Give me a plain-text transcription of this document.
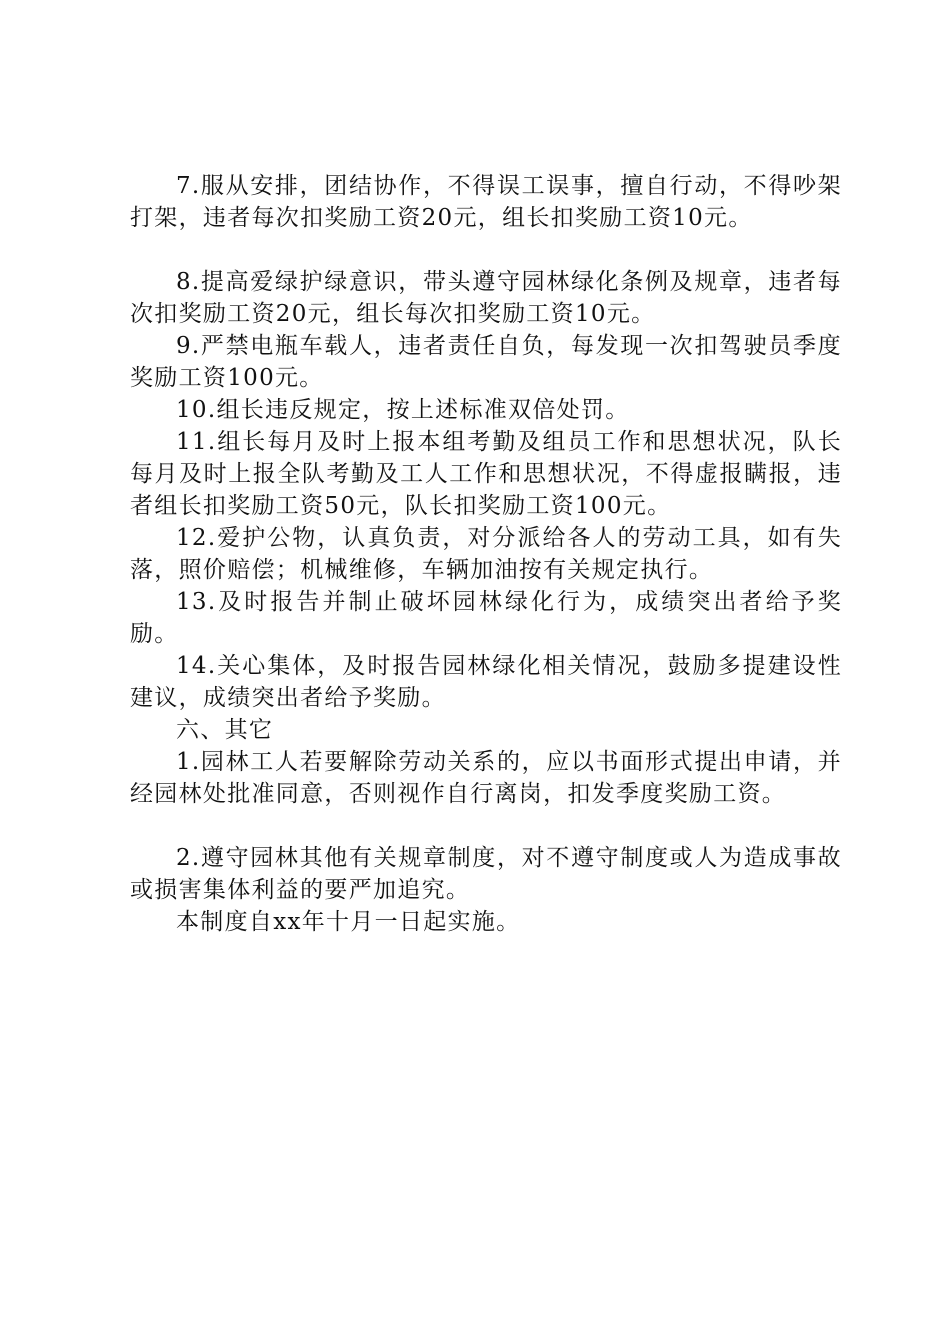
7.服从安排，团结协作，不得误工误事，擅自行动，不得吵架打架，违者每次扣奖励工资20元，组长扣奖励工资10元。

8.提高爱绿护绿意识，带头遵守园林绿化条例及规章，违者每次扣奖励工资20元，组长每次扣奖励工资10元。

9.严禁电瓶车载人，违者责任自负，每发现一次扣驾驶员季度奖励工资100元。

10.组长违反规定，按上述标准双倍处罚。

11.组长每月及时上报本组考勤及组员工作和思想状况，队长每月及时上报全队考勤及工人工作和思想状况，不得虚报瞒报，违者组长扣奖励工资50元，队长扣奖励工资100元。

12.爱护公物，认真负责，对分派给各人的劳动工具，如有失落，照价赔偿；机械维修，车辆加油按有关规定执行。

13.及时报告并制止破坏园林绿化行为，成绩突出者给予奖励。

14.关心集体，及时报告园林绿化相关情况，鼓励多提建设性建议，成绩突出者给予奖励。

六、其它

1.园林工人若要解除劳动关系的，应以书面形式提出申请，并经园林处批准同意，否则视作自行离岗，扣发季度奖励工资。

2.遵守园林其他有关规章制度，对不遵守制度或人为造成事故或损害集体利益的要严加追究。

本制度自xx年十月一日起实施。
